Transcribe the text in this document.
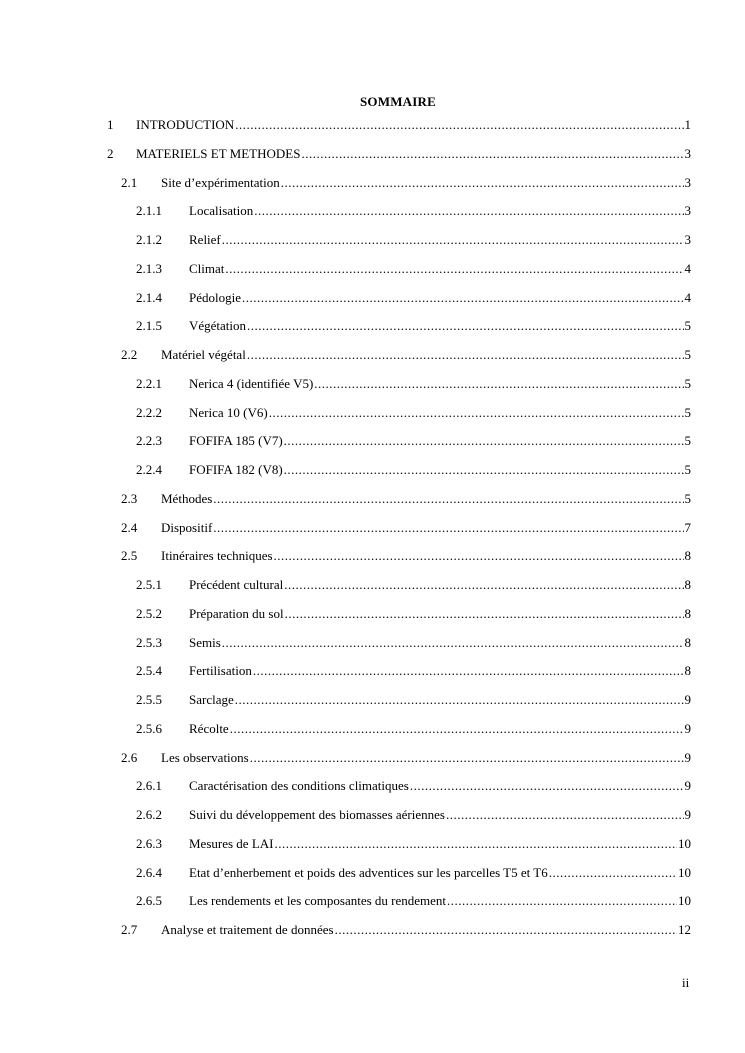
SOMMAIRE
1 INTRODUCTION .....	1
2 MATERIELS ET METHODES .....	3
2.1 Site d’expérimentation .....	3
2.1.1 Localisation .....	3
2.1.2 Relief .....	3
2.1.3 Climat .....	4
2.1.4 Pédologie .....	4
2.1.5 Végétation .....	5
2.2 Matériel végétal .....	5
2.2.1 Nerica 4 (identifiée V5) .....	5
2.2.2 Nerica 10 (V6) .....	5
2.2.3 FOFIFA 185 (V7) .....	5
2.2.4 FOFIFA 182 (V8) .....	5
2.3 Méthodes .....	5
2.4 Dispositif .....	7
2.5 Itinéraires techniques .....	8
2.5.1 Précédent cultural .....	8
2.5.2 Préparation du sol .....	8
2.5.3 Semis .....	8
2.5.4 Fertilisation .....	8
2.5.5 Sarclage .....	9
2.5.6 Récolte .....	9
2.6 Les observations .....	9
2.6.1 Caractérisation des conditions climatiques .....	9
2.6.2 Suivi du développement des biomasses aériennes .....	9
2.6.3 Mesures de LAI .....	10
2.6.4 Etat d’enherbement et poids des adventices sur les parcelles T5 et T6 .....	10
2.6.5 Les rendements et les composantes du rendement .....	10
2.7 Analyse et traitement de données .....	12
ii
